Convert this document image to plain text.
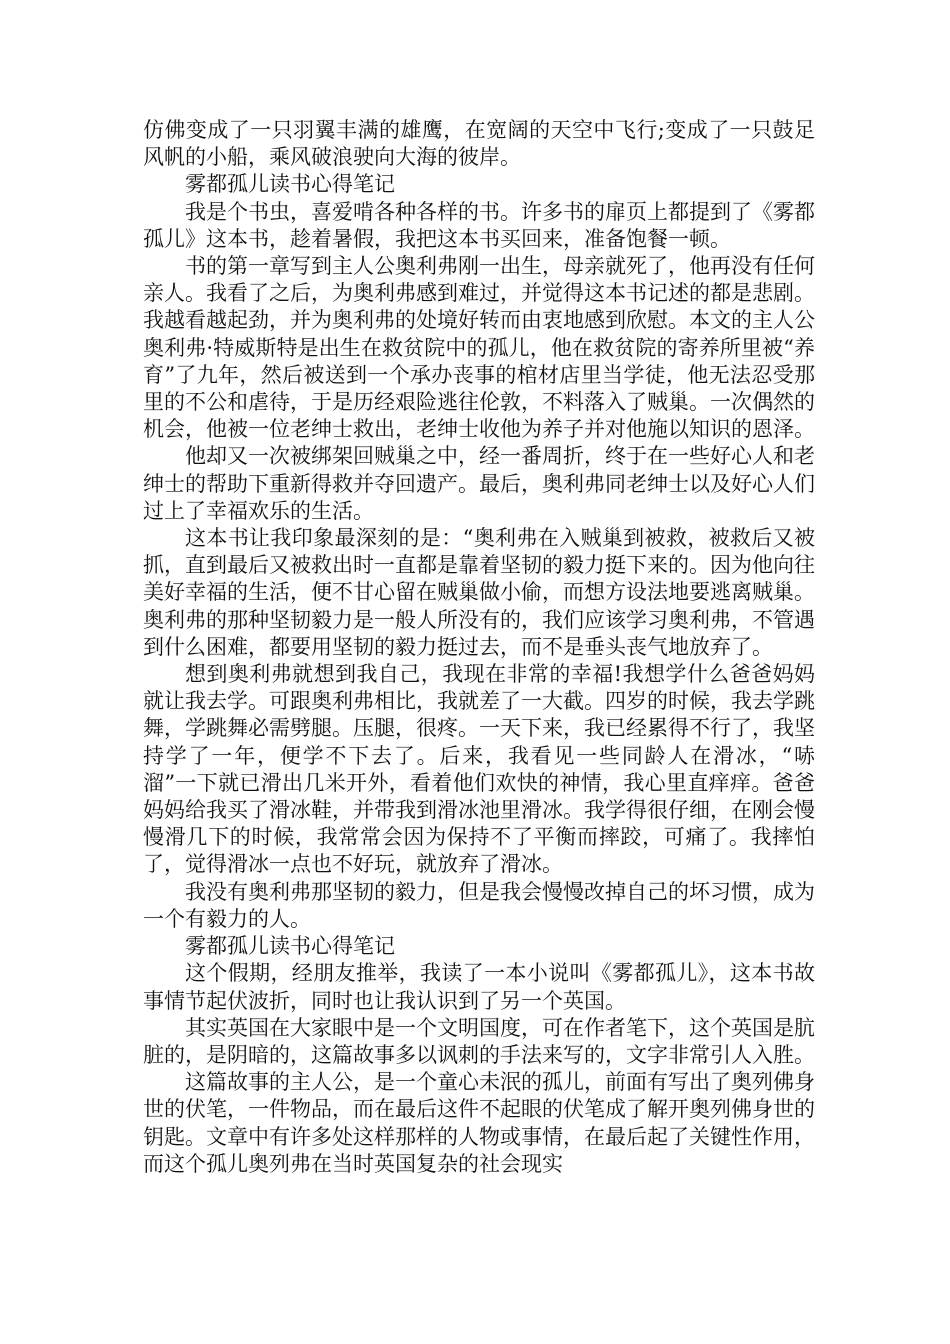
仿佛变成了一只羽翼丰满的雄鹰，在宽阔的天空中飞行;变成了一只鼓足风帆的小船，乘风破浪驶向大海的彼岸。

雾都孤儿读书心得笔记

我是个书虫，喜爱啃各种各样的书。许多书的扉页上都提到了《雾都孤儿》这本书，趁着暑假，我把这本书买回来，准备饱餐一顿。

书的第一章写到主人公奥利弗刚一出生，母亲就死了，他再没有任何亲人。我看了之后，为奥利弗感到难过，并觉得这本书记述的都是悲剧。我越看越起劲，并为奥利弗的处境好转而由衷地感到欣慰。本文的主人公奥利弗·特威斯特是出生在救贫院中的孤儿，他在救贫院的寄养所里被“养育”了九年，然后被送到一个承办丧事的棺材店里当学徒，他无法忍受那里的不公和虐待，于是历经艰险逃往伦敦，不料落入了贼巢。一次偶然的机会，他被一位老绅士救出，老绅士收他为养子并对他施以知识的恩泽。

他却又一次被绑架回贼巢之中，经一番周折，终于在一些好心人和老绅士的帮助下重新得救并夺回遗产。最后，奥利弗同老绅士以及好心人们过上了幸福欢乐的生活。

这本书让我印象最深刻的是：“奥利弗在入贼巢到被救，被救后又被抓，直到最后又被救出时一直都是靠着坚韧的毅力挺下来的。因为他向往美好幸福的生活，便不甘心留在贼巢做小偷，而想方设法地要逃离贼巢。奥利弗的那种坚韧毅力是一般人所没有的，我们应该学习奥利弗，不管遇到什么困难，都要用坚韧的毅力挺过去，而不是垂头丧气地放弃了。

想到奥利弗就想到我自己，我现在非常的幸福!我想学什么爸爸妈妈就让我去学。可跟奥利弗相比，我就差了一大截。四岁的时候，我去学跳舞，学跳舞必需劈腿。压腿，很疼。一天下来，我已经累得不行了，我坚持学了一年，便学不下去了。后来，我看见一些同龄人在滑冰，“哧溜”一下就已滑出几米开外，看着他们欢快的神情，我心里直痒痒。爸爸妈妈给我买了滑冰鞋，并带我到滑冰池里滑冰。我学得很仔细，在刚会慢慢滑几下的时候，我常常会因为保持不了平衡而摔跤，可痛了。我摔怕了，觉得滑冰一点也不好玩，就放弃了滑冰。

我没有奥利弗那坚韧的毅力，但是我会慢慢改掉自己的坏习惯，成为一个有毅力的人。

雾都孤儿读书心得笔记

这个假期，经朋友推举，我读了一本小说叫《雾都孤儿》，这本书故事情节起伏波折，同时也让我认识到了另一个英国。

其实英国在大家眼中是一个文明国度，可在作者笔下，这个英国是肮脏的，是阴暗的，这篇故事多以讽刺的手法来写的，文字非常引人入胜。

这篇故事的主人公，是一个童心未泯的孤儿，前面有写出了奥列佛身世的伏笔，一件物品，而在最后这件不起眼的伏笔成了解开奥列佛身世的钥匙。文章中有许多处这样那样的人物或事情，在最后起了关键性作用，而这个孤儿奥列弗在当时英国复杂的社会现实
